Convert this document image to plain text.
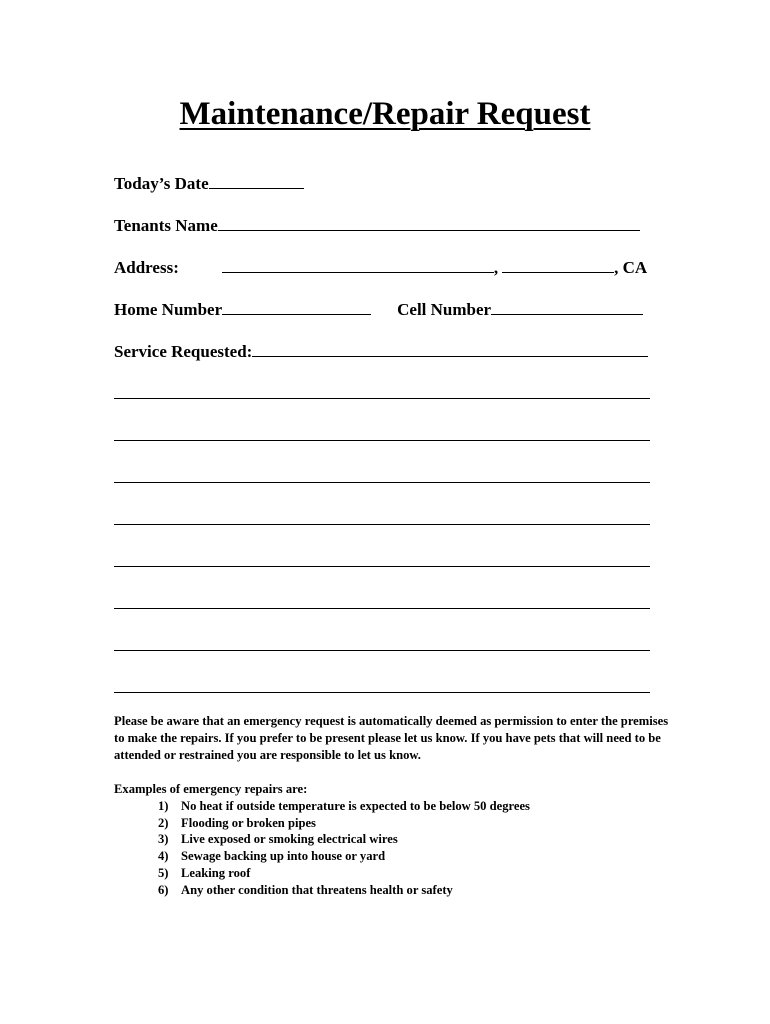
Maintenance/Repair Request
Today’s Date
Tenants Name
Address:	,	, CA
Home Number	Cell Number
Service Requested:
Please be aware that an emergency request is automatically deemed as permission to enter the premises to make the repairs. If you prefer to be present please let us know. If you have pets that will need to be attended or restrained you are responsible to let us know.
Examples of emergency repairs are:
1) No heat if outside temperature is expected to be below 50 degrees
2) Flooding or broken pipes
3) Live exposed or smoking electrical wires
4) Sewage backing up into house or yard
5) Leaking roof
6) Any other condition that threatens health or safety
